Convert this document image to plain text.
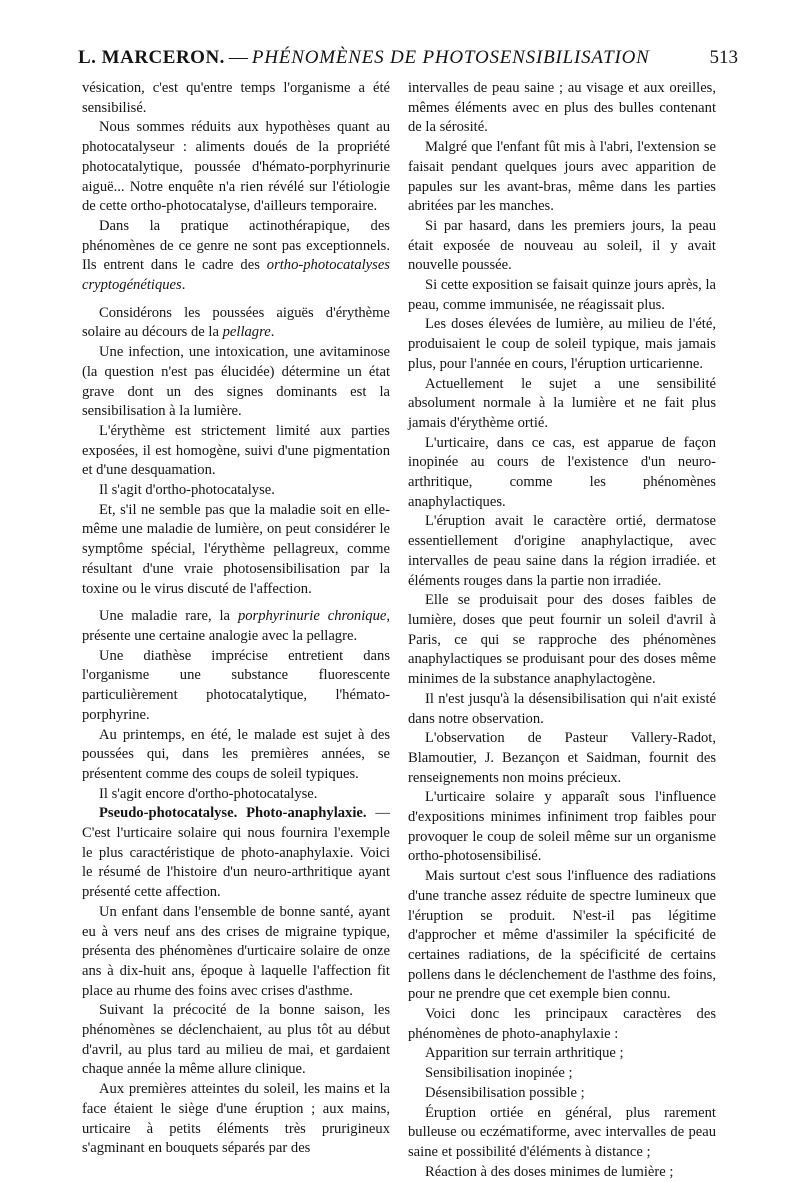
L. MARCERON. — PHÉNOMÈNES DE PHOTOSENSIBILISATION	513

vésication, c'est qu'entre temps l'organisme a été sensibilisé.

Nous sommes réduits aux hypothèses quant au photocatalyseur : aliments doués de la propriété photocatalytique, poussée d'hémato-porphyrinurie aiguë... Notre enquête n'a rien révélé sur l'étiologie de cette ortho-photocatalyse, d'ailleurs temporaire.

Dans la pratique actinothérapique, des phénomènes de ce genre ne sont pas exceptionnels. Ils entrent dans le cadre des ortho-photocatalyses cryptogénétiques.

Considérons les poussées aiguës d'érythème solaire au décours de la pellagre.

Une infection, une intoxication, une avitaminose (la question n'est pas élucidée) détermine un état grave dont un des signes dominants est la sensibilisation à la lumière.

L'érythème est strictement limité aux parties exposées, il est homogène, suivi d'une pigmentation et d'une desquamation.

Il s'agit d'ortho-photocatalyse.

Et, s'il ne semble pas que la maladie soit en elle-même une maladie de lumière, on peut considérer le symptôme spécial, l'érythème pellagreux, comme résultant d'une vraie photosensibilisation par la toxine ou le virus discuté de l'affection.

Une maladie rare, la porphyrinurie chronique, présente une certaine analogie avec la pellagre.

Une diathèse imprécise entretient dans l'organisme une substance fluorescente particulièrement photocatalytique, l'hémato-porphyrine.

Au printemps, en été, le malade est sujet à des poussées qui, dans les premières années, se présentent comme des coups de soleil typiques.

Il s'agit encore d'ortho-photocatalyse.

Pseudo-photocatalyse. Photo-anaphylaxie. — C'est l'urticaire solaire qui nous fournira l'exemple le plus caractéristique de photo-anaphylaxie. Voici le résumé de l'histoire d'un neuro-arthritique ayant présenté cette affection.

Un enfant dans l'ensemble de bonne santé, ayant eu à vers neuf ans des crises de migraine typique, présenta des phénomènes d'urticaire solaire de onze ans à dix-huit ans, époque à laquelle l'affection fit place au rhume des foins avec crises d'asthme.

Suivant la précocité de la bonne saison, les phénomènes se déclenchaient, au plus tôt au début d'avril, au plus tard au milieu de mai, et gardaient chaque année la même allure clinique.

Aux premières atteintes du soleil, les mains et la face étaient le siège d'une éruption ; aux mains, urticaire à petits éléments très prurigineux s'agminant en bouquets séparés par des

intervalles de peau saine ; au visage et aux oreilles, mêmes éléments avec en plus des bulles contenant de la sérosité.

Malgré que l'enfant fût mis à l'abri, l'extension se faisait pendant quelques jours avec apparition de papules sur les avant-bras, même dans les parties abritées par les manches.

Si par hasard, dans les premiers jours, la peau était exposée de nouveau au soleil, il y avait nouvelle poussée.

Si cette exposition se faisait quinze jours après, la peau, comme immunisée, ne réagissait plus.

Les doses élevées de lumière, au milieu de l'été, produisaient le coup de soleil typique, mais jamais plus, pour l'année en cours, l'éruption urticarienne.

Actuellement le sujet a une sensibilité absolument normale à la lumière et ne fait plus jamais d'érythème ortié.

L'urticaire, dans ce cas, est apparue de façon inopinée au cours de l'existence d'un neuro-arthritique, comme les phénomènes anaphylactiques.

L'éruption avait le caractère ortié, dermatose essentiellement d'origine anaphylactique, avec intervalles de peau saine dans la région irradiée. et éléments rouges dans la partie non irradiée.

Elle se produisait pour des doses faibles de lumière, doses que peut fournir un soleil d'avril à Paris, ce qui se rapproche des phénomènes anaphylactiques se produisant pour des doses même minimes de la substance anaphylactogène.

Il n'est jusqu'à la désensibilisation qui n'ait existé dans notre observation.

L'observation de Pasteur Vallery-Radot, Blamoutier, J. Bezançon et Saidman, fournit des renseignements non moins précieux.

L'urticaire solaire y apparaît sous l'influence d'expositions minimes infiniment trop faibles pour provoquer le coup de soleil même sur un organisme ortho-photosensibilisé.

Mais surtout c'est sous l'influence des radiations d'une tranche assez réduite de spectre lumineux que l'éruption se produit. N'est-il pas légitime d'approcher et même d'assimiler la spécificité de certaines radiations, de la spécificité de certains pollens dans le déclenchement de l'asthme des foins, pour ne prendre que cet exemple bien connu.

Voici donc les principaux caractères des phénomènes de photo-anaphylaxie :

Apparition sur terrain arthritique ;

Sensibilisation inopinée ;

Désensibilisation possible ;

Éruption ortiée en général, plus rarement bulleuse ou eczématiforme, avec intervalles de peau saine et possibilité d'éléments à distance ;

Réaction à des doses minimes de lumière ;
